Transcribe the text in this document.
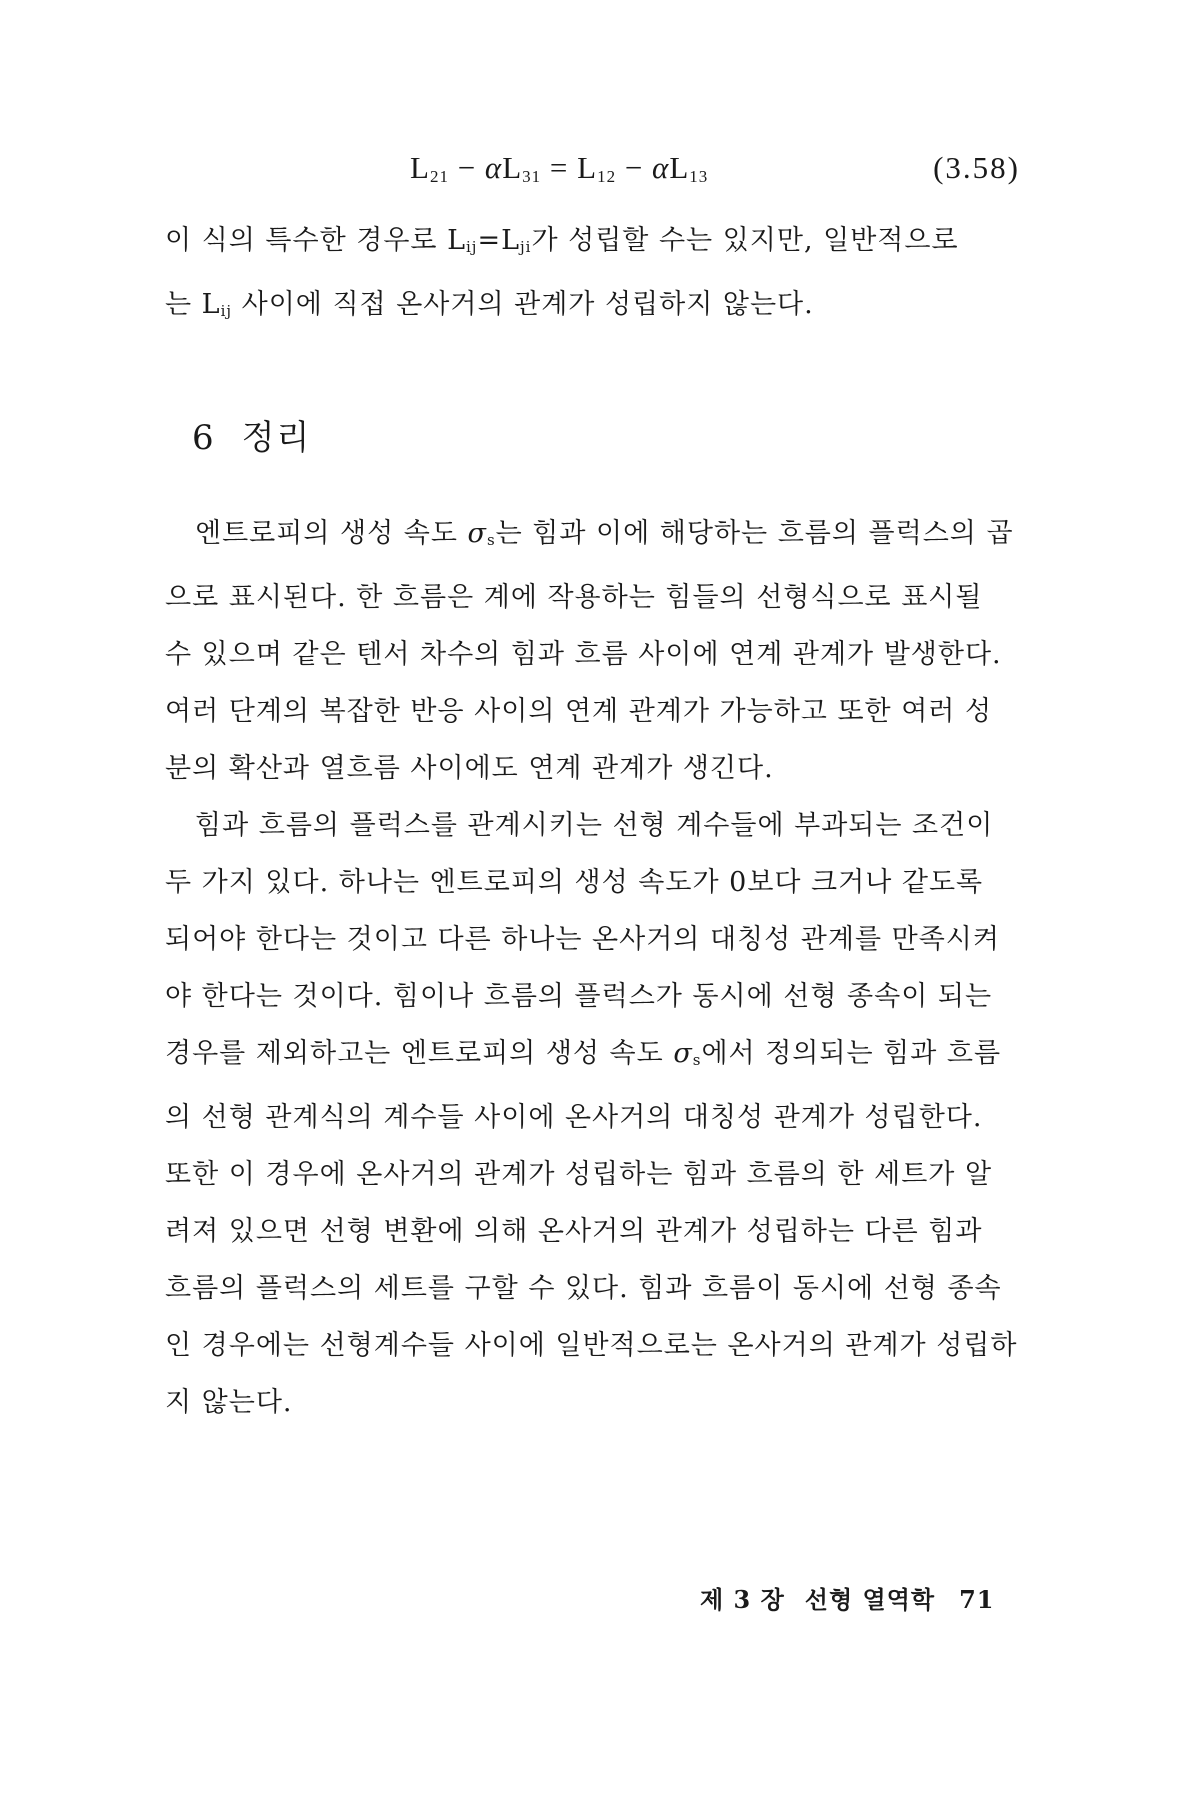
$L_{21} - \alpha L_{31} = L_{12} - \alpha L_{13}$	(3.58)

이 식의 특수한 경우로 $L_{ij}=L_{ji}$가 성립할 수는 있지만, 일반적으로
는 $L_{ij}$ 사이에 직접 온사거의 관계가 성립하지 않는다.

6 정리

엔트로피의 생성 속도 $\sigma_s$는 힘과 이에 해당하는 흐름의 플럭스의 곱
으로 표시된다. 한 흐름은 계에 작용하는 힘들의 선형식으로 표시될
수 있으며 같은 텐서 차수의 힘과 흐름 사이에 연계 관계가 발생한다.
여러 단계의 복잡한 반응 사이의 연계 관계가 가능하고 또한 여러 성
분의 확산과 열흐름 사이에도 연계 관계가 생긴다.
힘과 흐름의 플럭스를 관계시키는 선형 계수들에 부과되는 조건이
두 가지 있다. 하나는 엔트로피의 생성 속도가 0보다 크거나 같도록
되어야 한다는 것이고 다른 하나는 온사거의 대칭성 관계를 만족시켜
야 한다는 것이다. 힘이나 흐름의 플럭스가 동시에 선형 종속이 되는
경우를 제외하고는 엔트로피의 생성 속도 $\sigma_s$에서 정의되는 힘과 흐름
의 선형 관계식의 계수들 사이에 온사거의 대칭성 관계가 성립한다.
또한 이 경우에 온사거의 관계가 성립하는 힘과 흐름의 한 세트가 알
려져 있으면 선형 변환에 의해 온사거의 관계가 성립하는 다른 힘과
흐름의 플럭스의 세트를 구할 수 있다. 힘과 흐름이 동시에 선형 종속
인 경우에는 선형계수들 사이에 일반적으로는 온사거의 관계가 성립하
지 않는다.

제 3 장 선형 열역학 71
